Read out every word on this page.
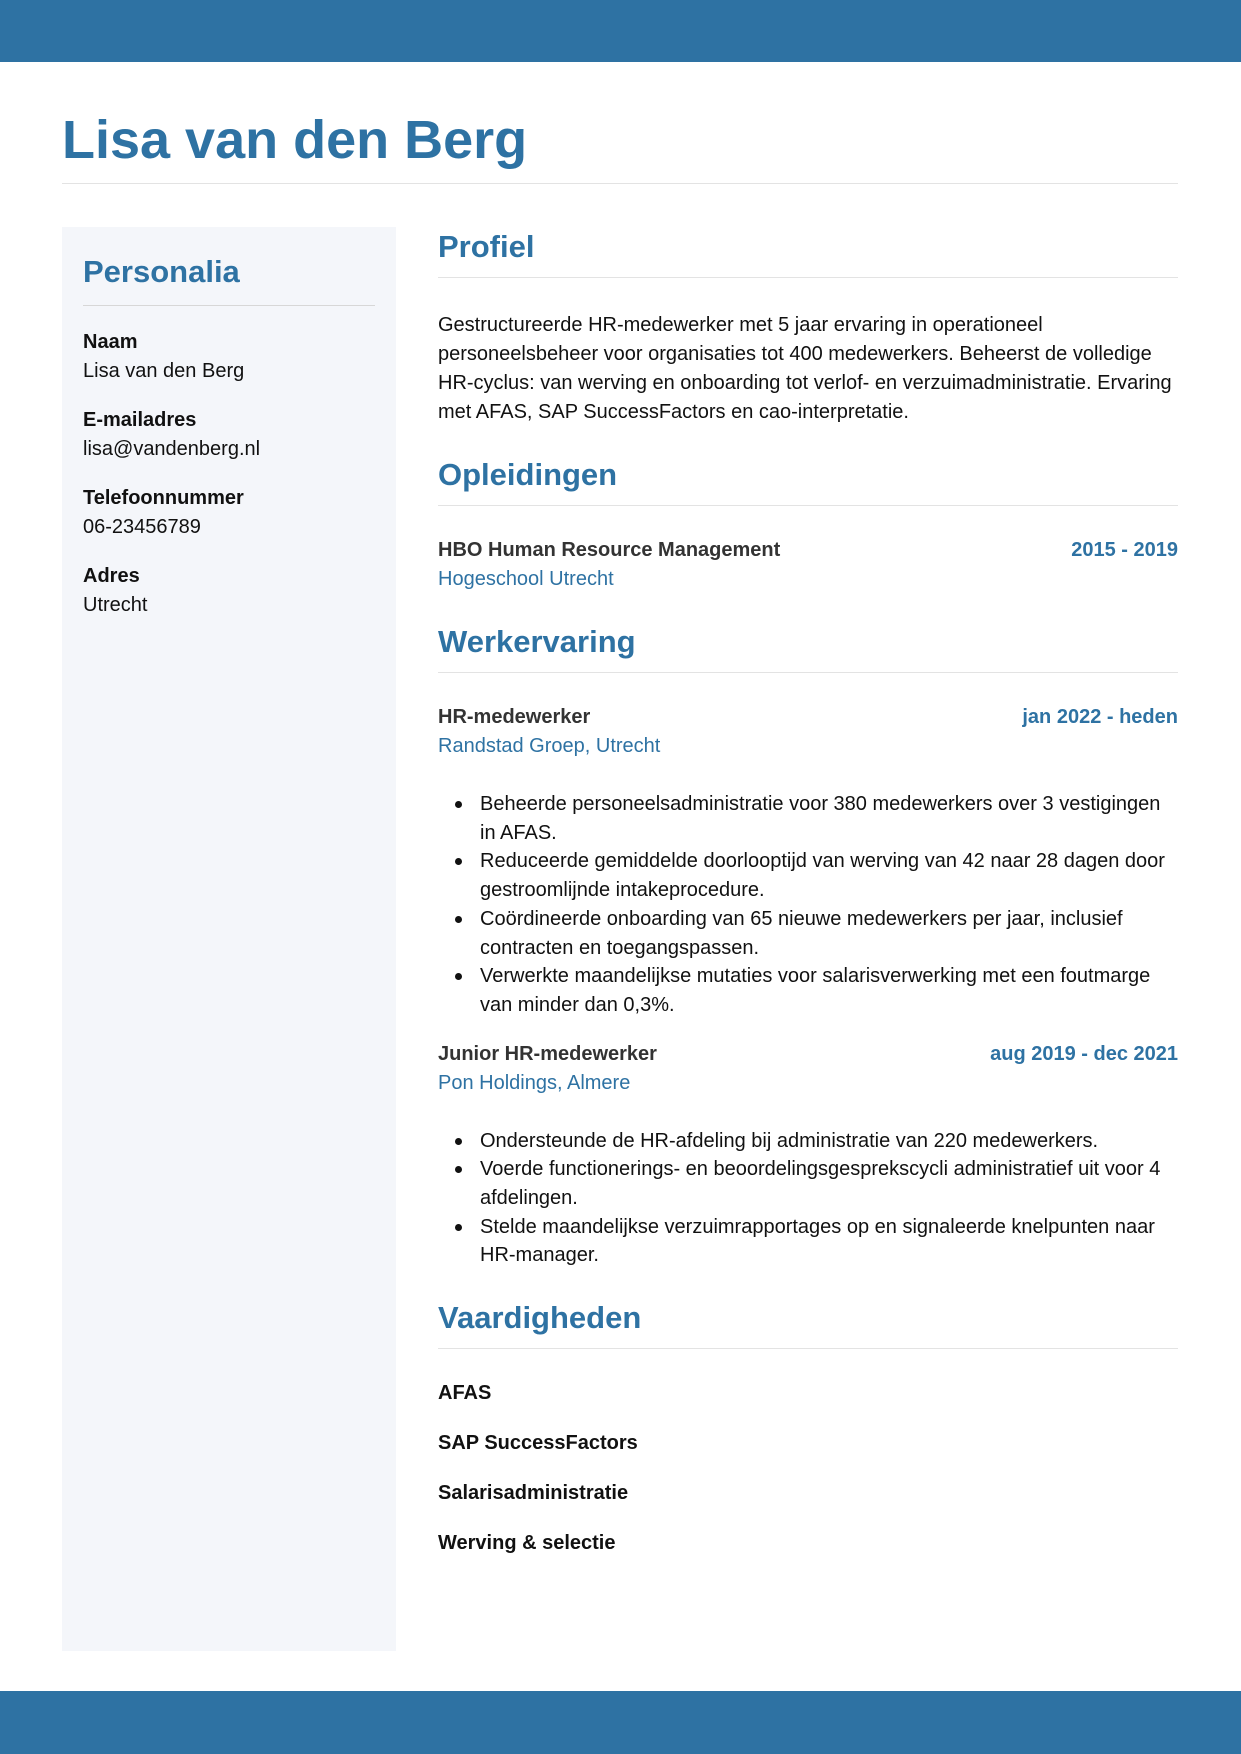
Lisa van den Berg
Personalia
Naam
Lisa van den Berg
E-mailadres
lisa@vandenberg.nl
Telefoonnummer
06-23456789
Adres
Utrecht
Profiel

Gestructureerde HR-medewerker met 5 jaar ervaring in operationeel personeelsbeheer voor organisaties tot 400 medewerkers. Beheerst de volledige HR-cyclus: van werving en onboarding tot verlof- en verzuimadministratie. Ervaring met AFAS, SAP SuccessFactors en cao-interpretatie.

Opleidingen
HBO Human Resource Management	2015 - 2019
Hogeschool Utrecht
Werkervaring
HR-medewerker	jan 2022 - heden
Randstad Groep, Utrecht
Beheerde personeelsadministratie voor 380 medewerkers over 3 vestigingen in AFAS.
Reduceerde gemiddelde doorlooptijd van werving van 42 naar 28 dagen door gestroomlijnde intakeprocedure.
Coördineerde onboarding van 65 nieuwe medewerkers per jaar, inclusief contracten en toegangspassen.
Verwerkte maandelijkse mutaties voor salarisverwerking met een foutmarge van minder dan 0,3%.
Junior HR-medewerker	aug 2019 - dec 2021
Pon Holdings, Almere
Ondersteunde de HR-afdeling bij administratie van 220 medewerkers.
Voerde functionerings- en beoordelingsgesprekscycli administratief uit voor 4 afdelingen.
Stelde maandelijkse verzuimrapportages op en signaleerde knelpunten naar HR-manager.
Vaardigheden
AFAS
SAP SuccessFactors
Salarisadministratie
Werving & selectie
